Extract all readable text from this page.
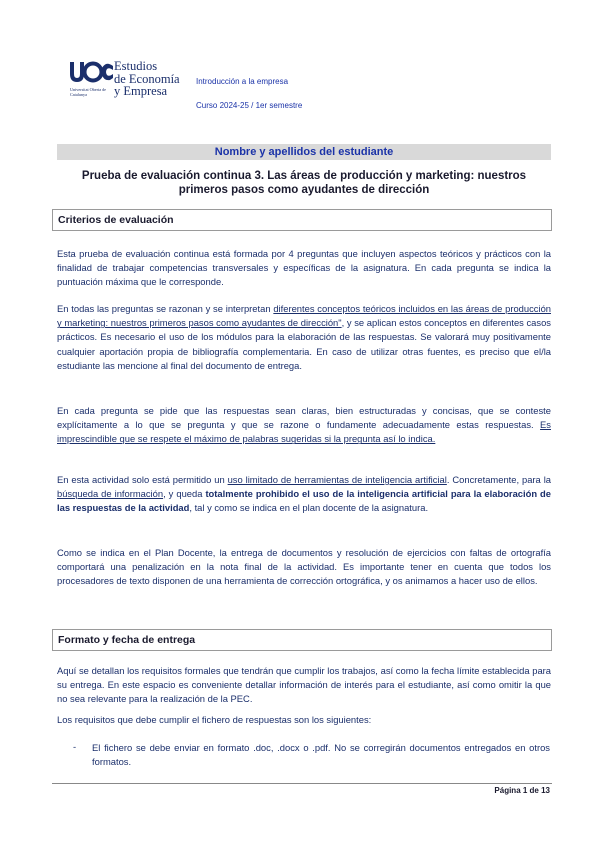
Estudios
de Economía
y Empresa
Universitat Oberta de Catalunya

Introducción a la empresa

Curso 2024-25 / 1er semestre

Nombre y apellidos del estudiante
Prueba de evaluación continua 3. Las áreas de producción y marketing: nuestros primeros pasos como ayudantes de dirección
Criterios de evaluación

Esta prueba de evaluación continua está formada por 4 preguntas que incluyen aspectos teóricos y prácticos con la finalidad de trabajar competencias transversales y específicas de la asignatura. En cada pregunta se indica la puntuación máxima que le corresponde.

En todas las preguntas se razonan y se interpretan diferentes conceptos teóricos incluidos en las áreas de producción y marketing: nuestros primeros pasos como ayudantes de dirección", y se aplican estos conceptos en diferentes casos prácticos. Es necesario el uso de los módulos para la elaboración de las respuestas. Se valorará muy positivamente cualquier aportación propia de bibliografía complementaria. En caso de utilizar otras fuentes, es preciso que el/la estudiante las mencione al final del documento de entrega.

En cada pregunta se pide que las respuestas sean claras, bien estructuradas y concisas, que se conteste explícitamente a lo que se pregunta y que se razone o fundamente adecuadamente estas respuestas. Es imprescindible que se respete el máximo de palabras sugeridas si la pregunta así lo indica.

En esta actividad solo está permitido un uso limitado de herramientas de inteligencia artificial. Concretamente, para la búsqueda de información, y queda totalmente prohibido el uso de la inteligencia artificial para la elaboración de las respuestas de la actividad, tal y como se indica en el plan docente de la asignatura.

Como se indica en el Plan Docente, la entrega de documentos y resolución de ejercicios con faltas de ortografía comportará una penalización en la nota final de la actividad. Es importante tener en cuenta que todos los procesadores de texto disponen de una herramienta de corrección ortográfica, y os animamos a hacer uso de ellos.

Formato y fecha de entrega

Aquí se detallan los requisitos formales que tendrán que cumplir los trabajos, así como la fecha límite establecida para su entrega. En este espacio es conveniente detallar información de interés para el estudiante, así como omitir la que no sea relevante para la realización de la PEC.

Los requisitos que debe cumplir el fichero de respuestas son los siguientes:

- El fichero se debe enviar en formato .doc, .docx o .pdf. No se corregirán documentos entregados en otros formatos.

Página 1 de 13
